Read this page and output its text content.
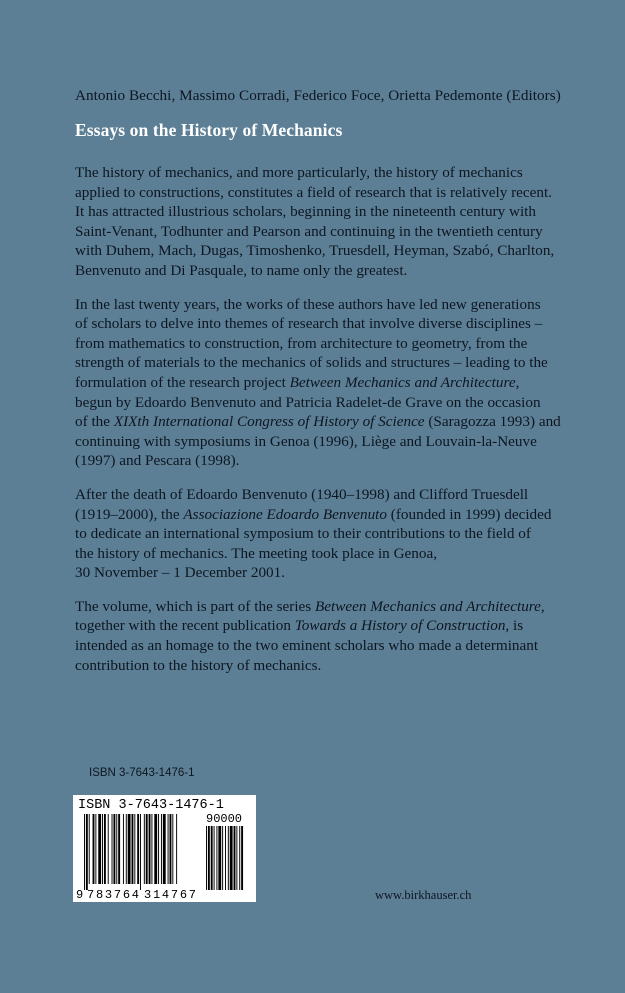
Antonio Becchi, Massimo Corradi, Federico Foce, Orietta Pedemonte (Editors)
Essays on the History of Mechanics

The history of mechanics, and more particularly, the history of mechanics
applied to constructions, constitutes a field of research that is relatively recent.
It has attracted illustrious scholars, beginning in the nineteenth century with
Saint-Venant, Todhunter and Pearson and continuing in the twentieth century
with Duhem, Mach, Dugas, Timoshenko, Truesdell, Heyman, Szabó, Charlton,
Benvenuto and Di Pasquale, to name only the greatest.

In the last twenty years, the works of these authors have led new generations
of scholars to delve into themes of research that involve diverse disciplines –
from mathematics to construction, from architecture to geometry, from the
strength of materials to the mechanics of solids and structures – leading to the
formulation of the research project Between Mechanics and Architecture,
begun by Edoardo Benvenuto and Patricia Radelet-de Grave on the occasion
of the XIXth International Congress of History of Science (Saragozza 1993) and
continuing with symposiums in Genoa (1996), Liège and Louvain-la-Neuve
(1997) and Pescara (1998).

After the death of Edoardo Benvenuto (1940–1998) and Clifford Truesdell
(1919–2000), the Associazione Edoardo Benvenuto (founded in 1999) decided
to dedicate an international symposium to their contributions to the field of
the history of mechanics. The meeting took place in Genoa,
30 November – 1 December 2001.

The volume, which is part of the series Between Mechanics and Architecture,
together with the recent publication Towards a History of Construction, is
intended as an homage to the two eminent scholars who made a determinant
contribution to the history of mechanics.

ISBN 3-7643-1476-1
ISBN 3-7643-1476-1
90000
9 783764 314767	www.birkhauser.ch
